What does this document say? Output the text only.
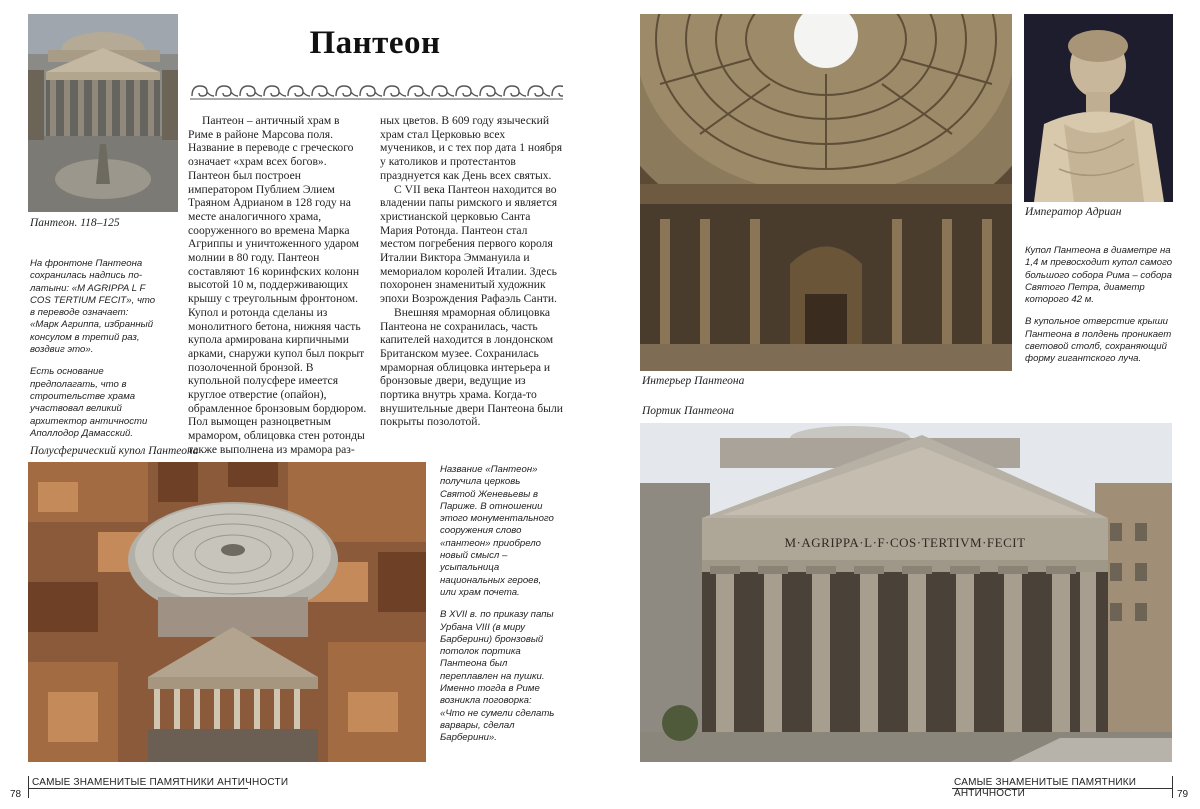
Пантеон. 118–125

На фронтоне Пантеона сохранилась надпись по-латыни: «M AGRIPPA L F COS TERTIUM FECIT», что в переводе означает: «Марк Агриппа, избранный консулом в третий раз, воздвиг это».

Есть основание предполагать, что в строительстве храма участвовал великий архитектор античности Аполлодор Дамасский.

Пантеон

Пантеон – античный храм в Риме в районе Марсова поля. Название в переводе с греческого означает «храм всех богов». Пантеон был построен императором Публием Элием Траяном Адрианом в 128 году на месте аналогичного храма, сооруженного во времена Марка Агриппы и уничтоженного ударом молнии в 80 году. Пантеон составляют 16 коринфских колонн высотой 10 м, поддерживающих крышу с треугольным фронтоном. Купол и ротонда сделаны из монолитного бетона, нижняя часть купола армирована кирпичными арками, снаружи купол был покрыт позолоченной бронзой. В купольной полусфере имеется круглое отверстие (опайон), обрамленное бронзовым бордюром. Пол вымощен разноцветным мрамором, облицовка стен ротонды также выполнена из мрамора раз-

ных цветов. В 609 году языческий храм стал Церковью всех мучеников, и с тех пор дата 1 ноября у католиков и протестантов празднуется как День всех святых.

С VII века Пантеон находится во владении папы римского и является христианской церковью Санта Мария Ротонда. Пантеон стал местом погребения первого короля Италии Виктора Эммануила и мемориалом королей Италии. Здесь похоронен знаменитый художник эпохи Возрождения Рафаэль Санти.

Внешняя мраморная облицовка Пантеона не сохранилась, часть капителей находится в лондонском Британском музее. Сохранилась мраморная облицовка интерьера и бронзовые двери, ведущие из портика внутрь храма. Когда-то внушительные двери Пантеона были покрыты позолотой.

Полусферический купол Пантеона

Название «Пантеон» получила церковь Святой Женевьевы в Париже. В отношении этого монументального сооружения слово «пантеон» приобрело новый смысл – усыпальница национальных героев, или храм почета.

В XVII в. по приказу папы Урбана VIII (в миру Барберини) бронзовый потолок портика Пантеона был переплавлен на пушки. Именно тогда в Риме возникла поговорка: «Что не сумели сделать варвары, сделал Барберини».

САМЫЕ ЗНАМЕНИТЫЕ ПАМЯТНИКИ АНТИЧНОСТИ
78
Интерьер Пантеона
Император Адриан

Купол Пантеона в диаметре на 1,4 м превосходит купол самого большого собора Рима – собора Святого Петра, диаметр которого 42 м.

В купольное отверстие крыши Пантеона в полдень проникает световой столб, сохраняющий форму гигантского луча.

Портик Пантеона
M·AGRIPPA·L·F·COS·TERTIVM·FECIT
САМЫЕ ЗНАМЕНИТЫЕ ПАМЯТНИКИ АНТИЧНОСТИ	79
